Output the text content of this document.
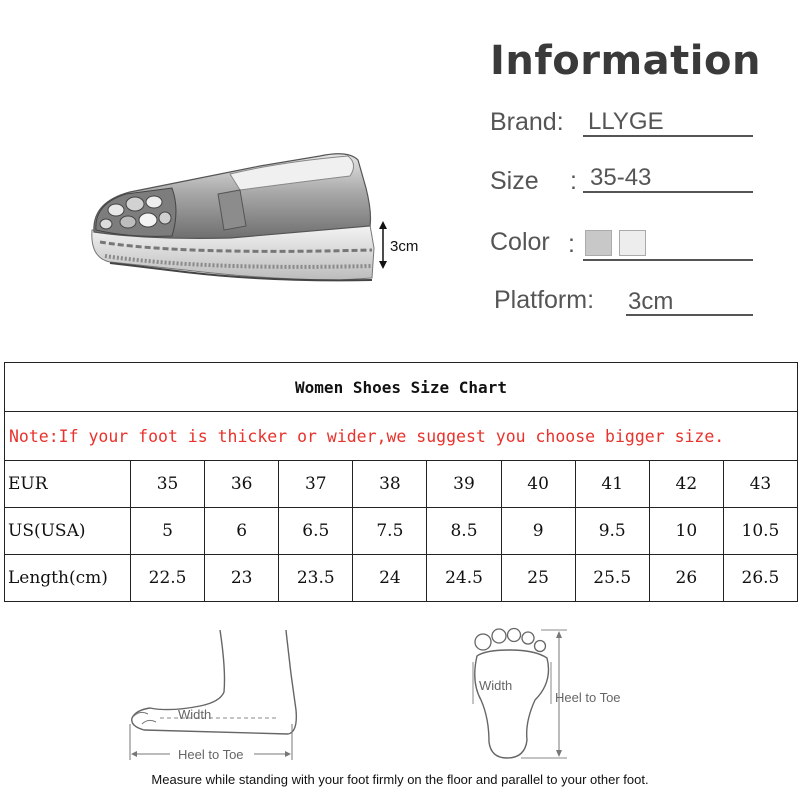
3cm
Information
Brand: LLYGE
Size : 35-43
Color :
Platform: 3cm
Women Shoes Size Chart									
Note:If your foot is thicker or wider,we suggest you choose bigger size.									
EUR	35	36	37	38	39	40	41	42	43
US(USA)	5	6	6.5	7.5	8.5	9	9.5	10	10.5
Length(cm)	22.5	23	23.5	24	24.5	25	25.5	26	26.5
Width
Heel to Toe
Width
Heel to Toe
Measure while standing with your foot firmly on the floor and parallel to your other foot.
